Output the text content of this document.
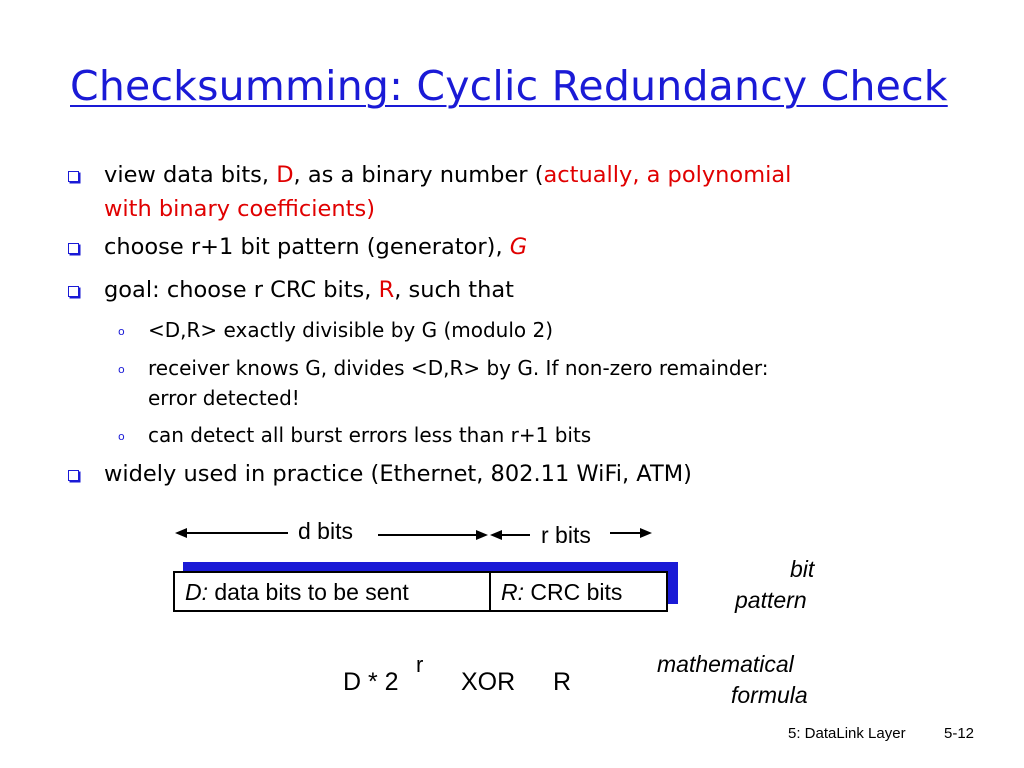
Checksumming: Cyclic Redundancy Check
view data bits, D, as a binary number (actually, a polynomial
with binary coefficients)
choose r+1 bit pattern (generator), G
goal: choose r CRC bits, R, such that
o <D,R> exactly divisible by G (modulo 2)
o receiver knows G, divides <D,R> by G. If non-zero remainder:
error detected!
o can detect all burst errors less than r+1 bits
widely used in practice (Ethernet, 802.11 WiFi, ATM)
d bits	r bits
D: data bits to be sent	R: CRC bits
bit
pattern
D * 2
r
XOR R
mathematical
formula
5: DataLink Layer	5-12
